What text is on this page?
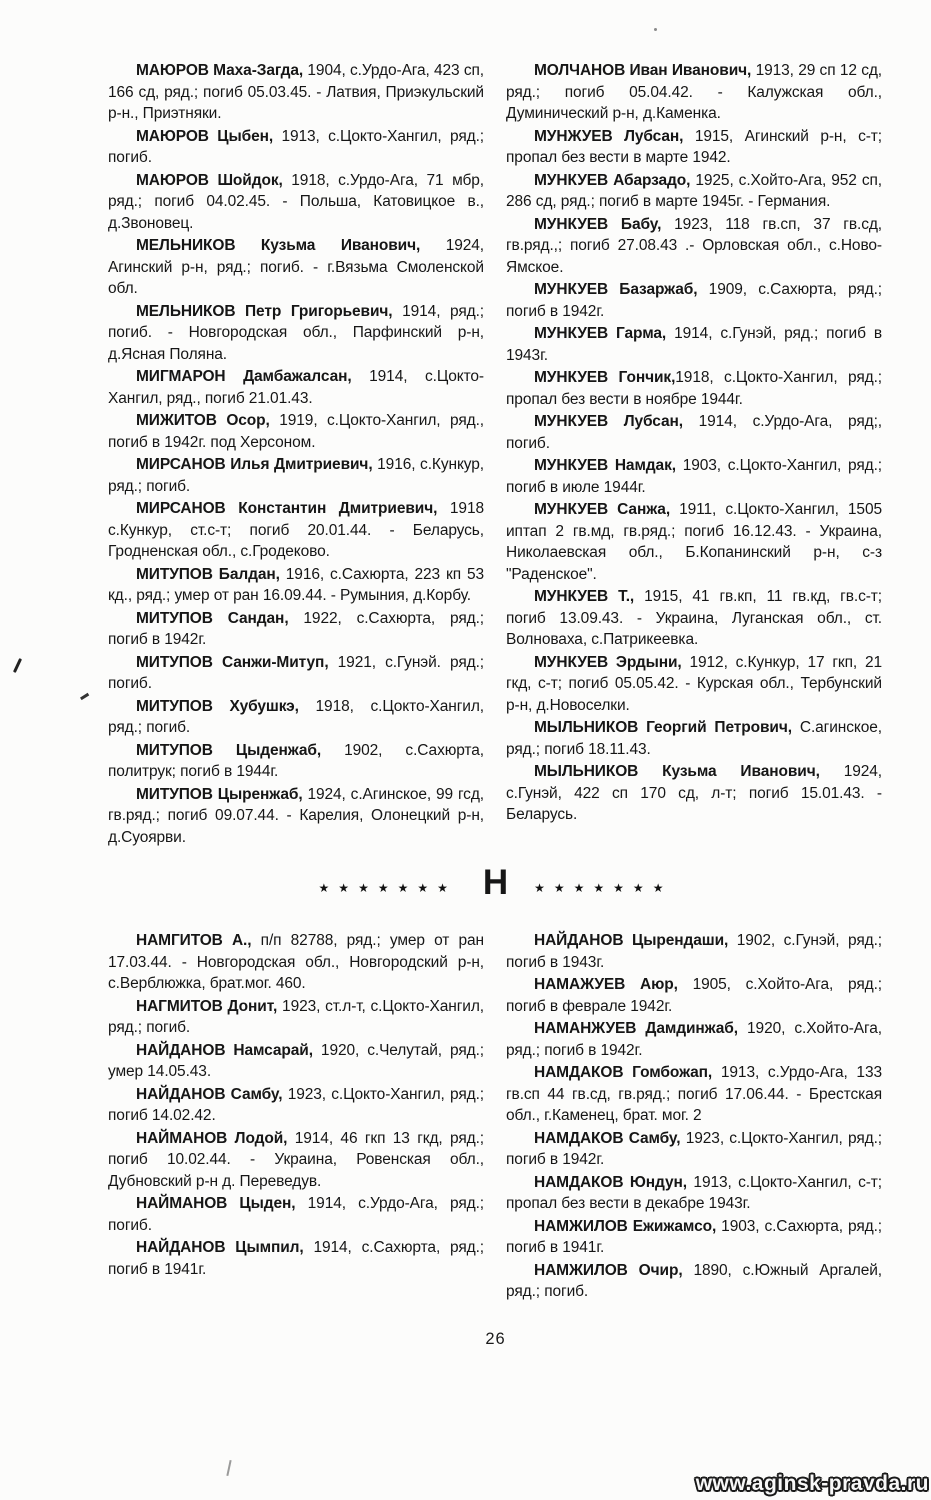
МАЮРОВ Маха-Загда, 1904, с.Урдо-Ага, 423 сп, 166 сд, ряд.; погиб 05.03.45. - Латвия, Приэкульский р-н., Приэтняки.

МАЮРОВ Цыбен, 1913, с.Цокто-Хангил, ряд.; погиб.

МАЮРОВ Шойдок, 1918, с.Урдо-Ага, 71 мбр, ряд.; погиб 04.02.45. - Польша, Катовицкое в., д.Звоновец.

МЕЛЬНИКОВ Кузьма Иванович, 1924, Агинский р-н, ряд.; погиб. - г.Вязьма Смоленской обл.

МЕЛЬНИКОВ Петр Григорьевич, 1914, ряд.; погиб. - Новгородская обл., Парфинский р-н, д.Ясная Поляна.

МИГМАРОН Дамбажалсан, 1914, с.Цокто-Хангил, ряд., погиб 21.01.43.

МИЖИТОВ Осор, 1919, с.Цокто-Хангил, ряд., погиб в 1942г. под Херсоном.

МИРСАНОВ Илья Дмитриевич, 1916, с.Кункур, ряд.; погиб.

МИРСАНОВ Константин Дмитриевич, 1918 с.Кункур, ст.с-т; погиб 20.01.44. - Беларусь, Гродненская обл., с.Гродеково.

МИТУПОВ Балдан, 1916, с.Сахюрта, 223 кп 53 кд., ряд.; умер от ран 16.09.44. - Румыния, д.Корбу.

МИТУПОВ Сандан, 1922, с.Сахюрта, ряд.; погиб в 1942г.

МИТУПОВ Санжи-Митуп, 1921, с.Гунэй. ряд.; погиб.

МИТУПОВ Хубушкэ, 1918, с.Цокто-Хангил, ряд.; погиб.

МИТУПОВ Цыденжаб, 1902, с.Сахюрта, политрук; погиб в 1944г.

МИТУПОВ Цыренжаб, 1924, с.Агинское, 99 гсд, гв.ряд.; погиб 09.07.44. - Карелия, Олонецкий р-н, д.Суоярви.

МОЛЧАНОВ Иван Иванович, 1913, 29 сп 12 сд, ряд.; погиб 05.04.42. - Калужская обл., Думинический р-н, д.Каменка.

МУНЖУЕВ Лубсан, 1915, Агинский р-н, с-т; пропал без вести в марте 1942.

МУНКУЕВ Абарзадо, 1925, с.Хойто-Ага, 952 сп, 286 сд, ряд.; погиб в марте 1945г. - Германия.

МУНКУЕВ Бабу, 1923, 118 гв.сп, 37 гв.сд, гв.ряд.,; погиб 27.08.43 .- Орловская обл., с.Ново-Ямское.

МУНКУЕВ Базаржаб, 1909, с.Сахюрта, ряд.; погиб в 1942г.

МУНКУЕВ Гарма, 1914, с.Гунэй, ряд.; погиб в 1943г.

МУНКУЕВ Гончик,1918, с.Цокто-Хангил, ряд.; пропал без вести в ноябре 1944г.

МУНКУЕВ Лубсан, 1914, с.Урдо-Ага, ряд;, погиб.

МУНКУЕВ Намдак, 1903, с.Цокто-Хангил, ряд.; погиб в июле 1944г.

МУНКУЕВ Санжа, 1911, с.Цокто-Хангил, 1505 иптап 2 гв.мд, гв.ряд.; погиб 16.12.43. - Украина, Николаевская обл., Б.Копанинский р-н, с-з "Раденское".

МУНКУЕВ Т., 1915, 41 гв.кп, 11 гв.кд, гв.с-т; погиб 13.09.43. - Украина, Луганская обл., ст. Волноваха, с.Патрикеевка.

МУНКУЕВ Эрдыни, 1912, с.Кункур, 17 гкп, 21 гкд, с-т; погиб 05.05.42. - Курская обл., Тербунский р-н, д.Новоселки.

МЫЛЬНИКОВ Георгий Петрович, С.агинское, ряд.; погиб 18.11.43.

МЫЛЬНИКОВ Кузьма Иванович, 1924, с.Гунэй, 422 сп 170 сд, л-т; погиб 15.01.43. - Беларусь.

★★★★★★★ Н ★★★★★★★

НАМГИТОВ А., п/п 82788, ряд.; умер от ран 17.03.44. - Новгородская обл., Новгородский р-н, с.Верблюжка, брат.мог. 460.

НАГМИТОВ Донит, 1923, ст.л-т, с.Цокто-Хангил, ряд.; погиб.

НАЙДАНОВ Намсарай, 1920, с.Челутай, ряд.; умер 14.05.43.

НАЙДАНОВ Самбу, 1923, с.Цокто-Хангил, ряд.; погиб 14.02.42.

НАЙМАНОВ Лодой, 1914, 46 гкп 13 гкд, ряд.; погиб 10.02.44. - Украина, Ровенская обл., Дубновский р-н д. Переведув.

НАЙМАНОВ Цыден, 1914, с.Урдо-Ага, ряд.; погиб.

НАЙДАНОВ Цымпил, 1914, с.Сахюрта, ряд.; погиб в 1941г.

НАЙДАНОВ Цырендаши, 1902, с.Гунэй, ряд.; погиб в 1943г.

НАМАЖУЕВ Аюр, 1905, с.Хойто-Ага, ряд.; погиб в феврале 1942г.

НАМАНЖУЕВ Дамдинжаб, 1920, с.Хойто-Ага, ряд.; погиб в 1942г.

НАМДАКОВ Гомбожап, 1913, с.Урдо-Ага, 133 гв.сп 44 гв.сд, гв.ряд.; погиб 17.06.44. - Брестская обл., г.Каменец, брат. мог. 2

НАМДАКОВ Самбу, 1923, с.Цокто-Хангил, ряд.; погиб в 1942г.

НАМДАКОВ Юндун, 1913, с.Цокто-Хангил, с-т; пропал без вести в декабре 1943г.

НАМЖИЛОВ Ежижамсо, 1903, с.Сахюрта, ряд.; погиб в 1941г.

НАМЖИЛОВ Очир, 1890, с.Южный Аргалей, ряд.; погиб.

26
www.aginsk-pravda.ru
